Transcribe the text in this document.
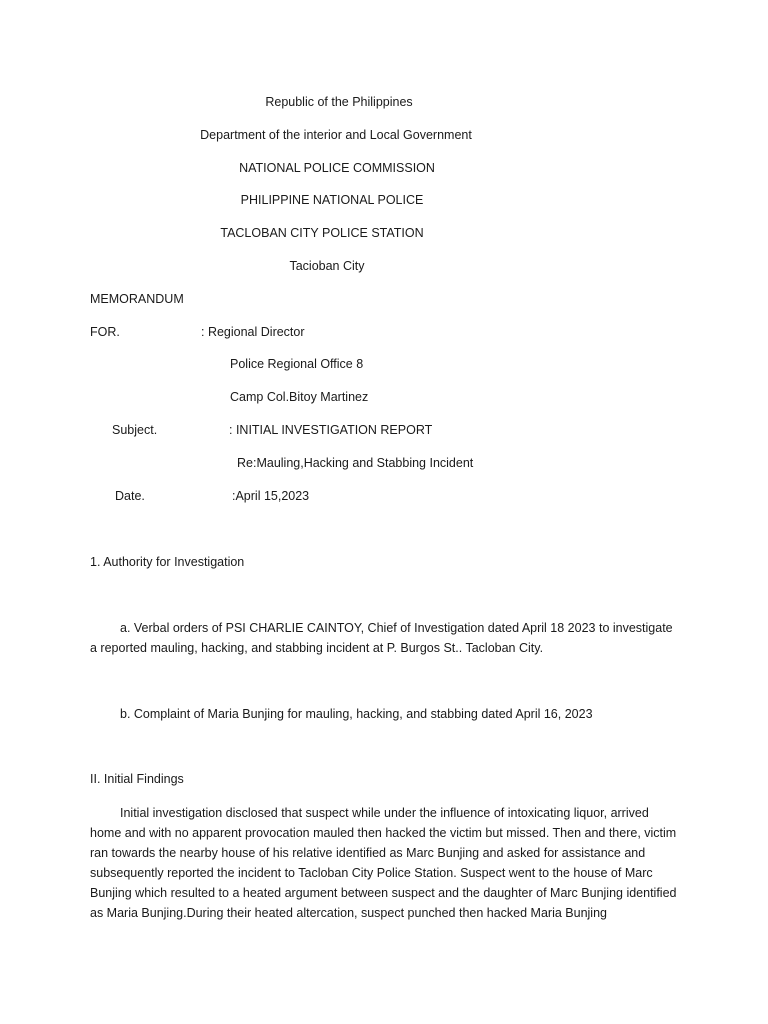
Republic of the Philippines
Department of the interior and Local Government
NATIONAL POLICE COMMISSION
PHILIPPINE NATIONAL POLICE
TACLOBAN CITY POLICE STATION
Tacioban City
MEMORANDUM
FOR.	: Regional Director
Police Regional Office 8
Camp Col.Bitoy Martinez
Subject.	: INITIAL INVESTIGATION REPORT
Re:Mauling,Hacking and Stabbing Incident
Date.	:April 15,2023
1. Authority for Investigation
a. Verbal orders of PSI CHARLIE CAINTOY, Chief of Investigation dated April 18 2023 to investigate a reported mauling, hacking, and stabbing incident at P. Burgos St.. Tacloban City.
b. Complaint of Maria Bunjing for mauling, hacking, and stabbing dated April 16, 2023
II. Initial Findings
Initial investigation disclosed that suspect while under the influence of intoxicating liquor, arrived home and with no apparent provocation mauled then hacked the victim but missed. Then and there, victim ran towards the nearby house of his relative identified as Marc Bunjing and asked for assistance and subsequently reported the incident to Tacloban City Police Station. Suspect went to the house of Marc Bunjing which resulted to a heated argument between suspect and the daughter of Marc Bunjing identified as Maria Bunjing.During their heated altercation, suspect punched then hacked Maria Bunjing
